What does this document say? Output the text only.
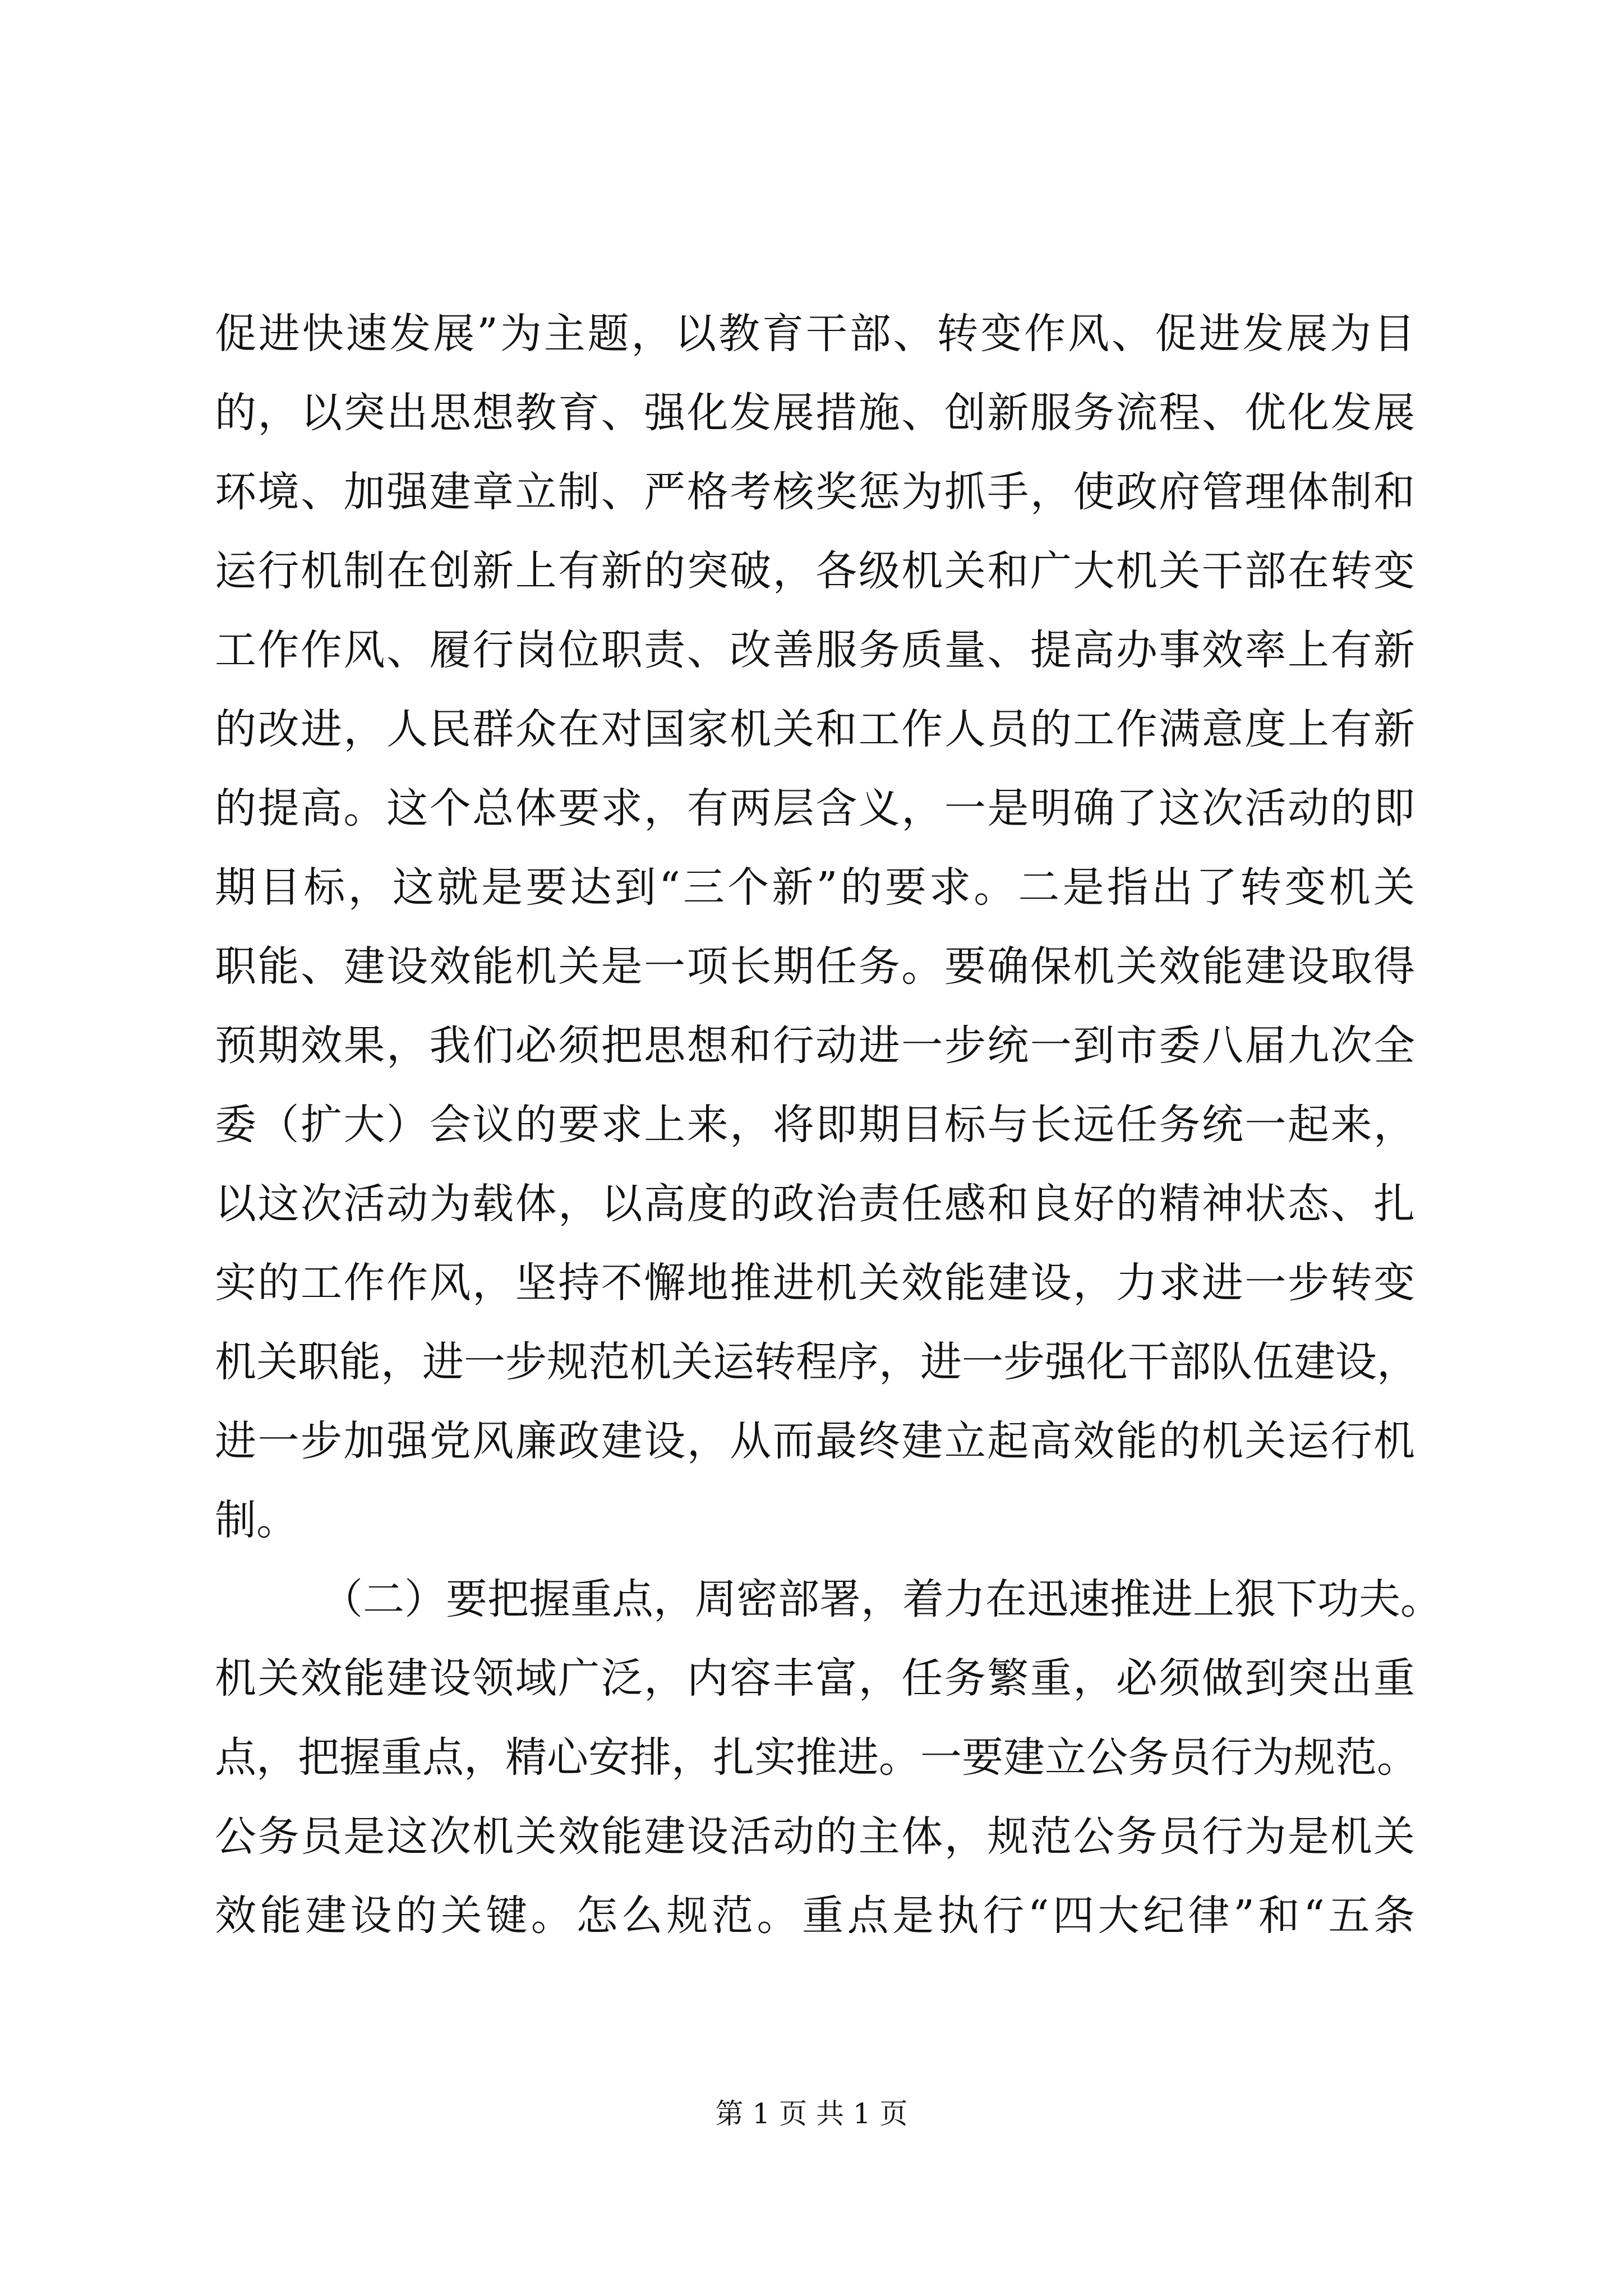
促进快速发展”为主题，以教育干部、转变作风、促进发展为目
的，以突出思想教育、强化发展措施、创新服务流程、优化发展
环境、加强建章立制、严格考核奖惩为抓手，使政府管理体制和
运行机制在创新上有新的突破，各级机关和广大机关干部在转变
工作作风、履行岗位职责、改善服务质量、提高办事效率上有新
的改进，人民群众在对国家机关和工作人员的工作满意度上有新
的提高。这个总体要求，有两层含义，一是明确了这次活动的即
期目标，这就是要达到“三个新”的要求。二是指出了转变机关
职能、建设效能机关是一项长期任务。要确保机关效能建设取得
预期效果，我们必须把思想和行动进一步统一到市委八届九次全
委（扩大）会议的要求上来，将即期目标与长远任务统一起来，
以这次活动为载体，以高度的政治责任感和良好的精神状态、扎
实的工作作风，坚持不懈地推进机关效能建设，力求进一步转变
机关职能，进一步规范机关运转程序，进一步强化干部队伍建设，
进一步加强党风廉政建设，从而最终建立起高效能的机关运行机
制。
（二）要把握重点，周密部署，着力在迅速推进上狠下功夫。
机关效能建设领域广泛，内容丰富，任务繁重，必须做到突出重
点，把握重点，精心安排，扎实推进。一要建立公务员行为规范。
公务员是这次机关效能建设活动的主体，规范公务员行为是机关
效能建设的关键。怎么规范。重点是执行“四大纪律”和“五条
第 1 页 共 1 页
